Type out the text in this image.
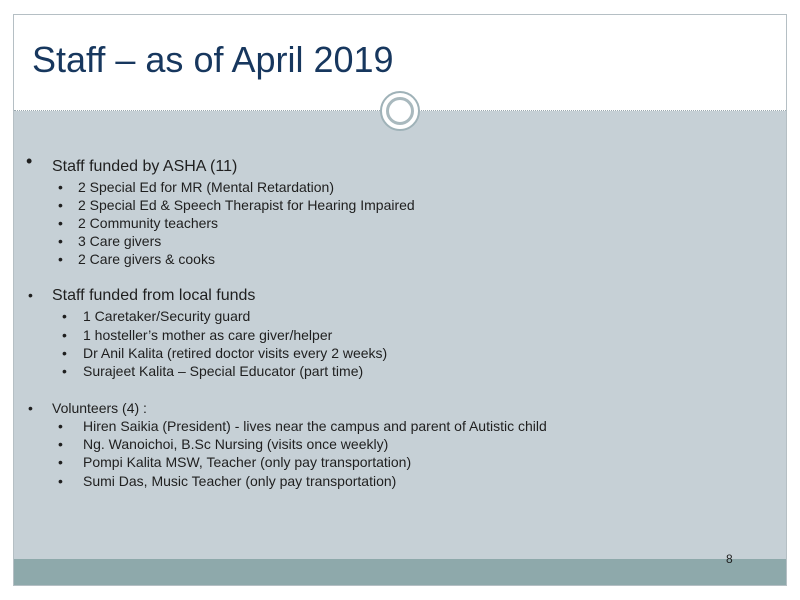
Staff – as of April 2019
• Staff funded by ASHA (11)
• 2 Special Ed for MR (Mental Retardation)
• 2 Special Ed & Speech Therapist for Hearing Impaired
• 2 Community teachers
• 3 Care givers
• 2 Care givers & cooks
• Staff funded from local funds
• 1 Caretaker/Security guard
• 1 hosteller’s mother as care giver/helper
• Dr Anil Kalita (retired doctor visits every 2 weeks)
• Surajeet Kalita – Special Educator (part time)
• Volunteers (4) :
• Hiren Saikia (President) - lives near the campus and parent of Autistic child
• Ng. Wanoichoi, B.Sc Nursing (visits once weekly)
• Pompi Kalita MSW, Teacher (only pay transportation)
• Sumi Das, Music Teacher (only pay transportation)
8
